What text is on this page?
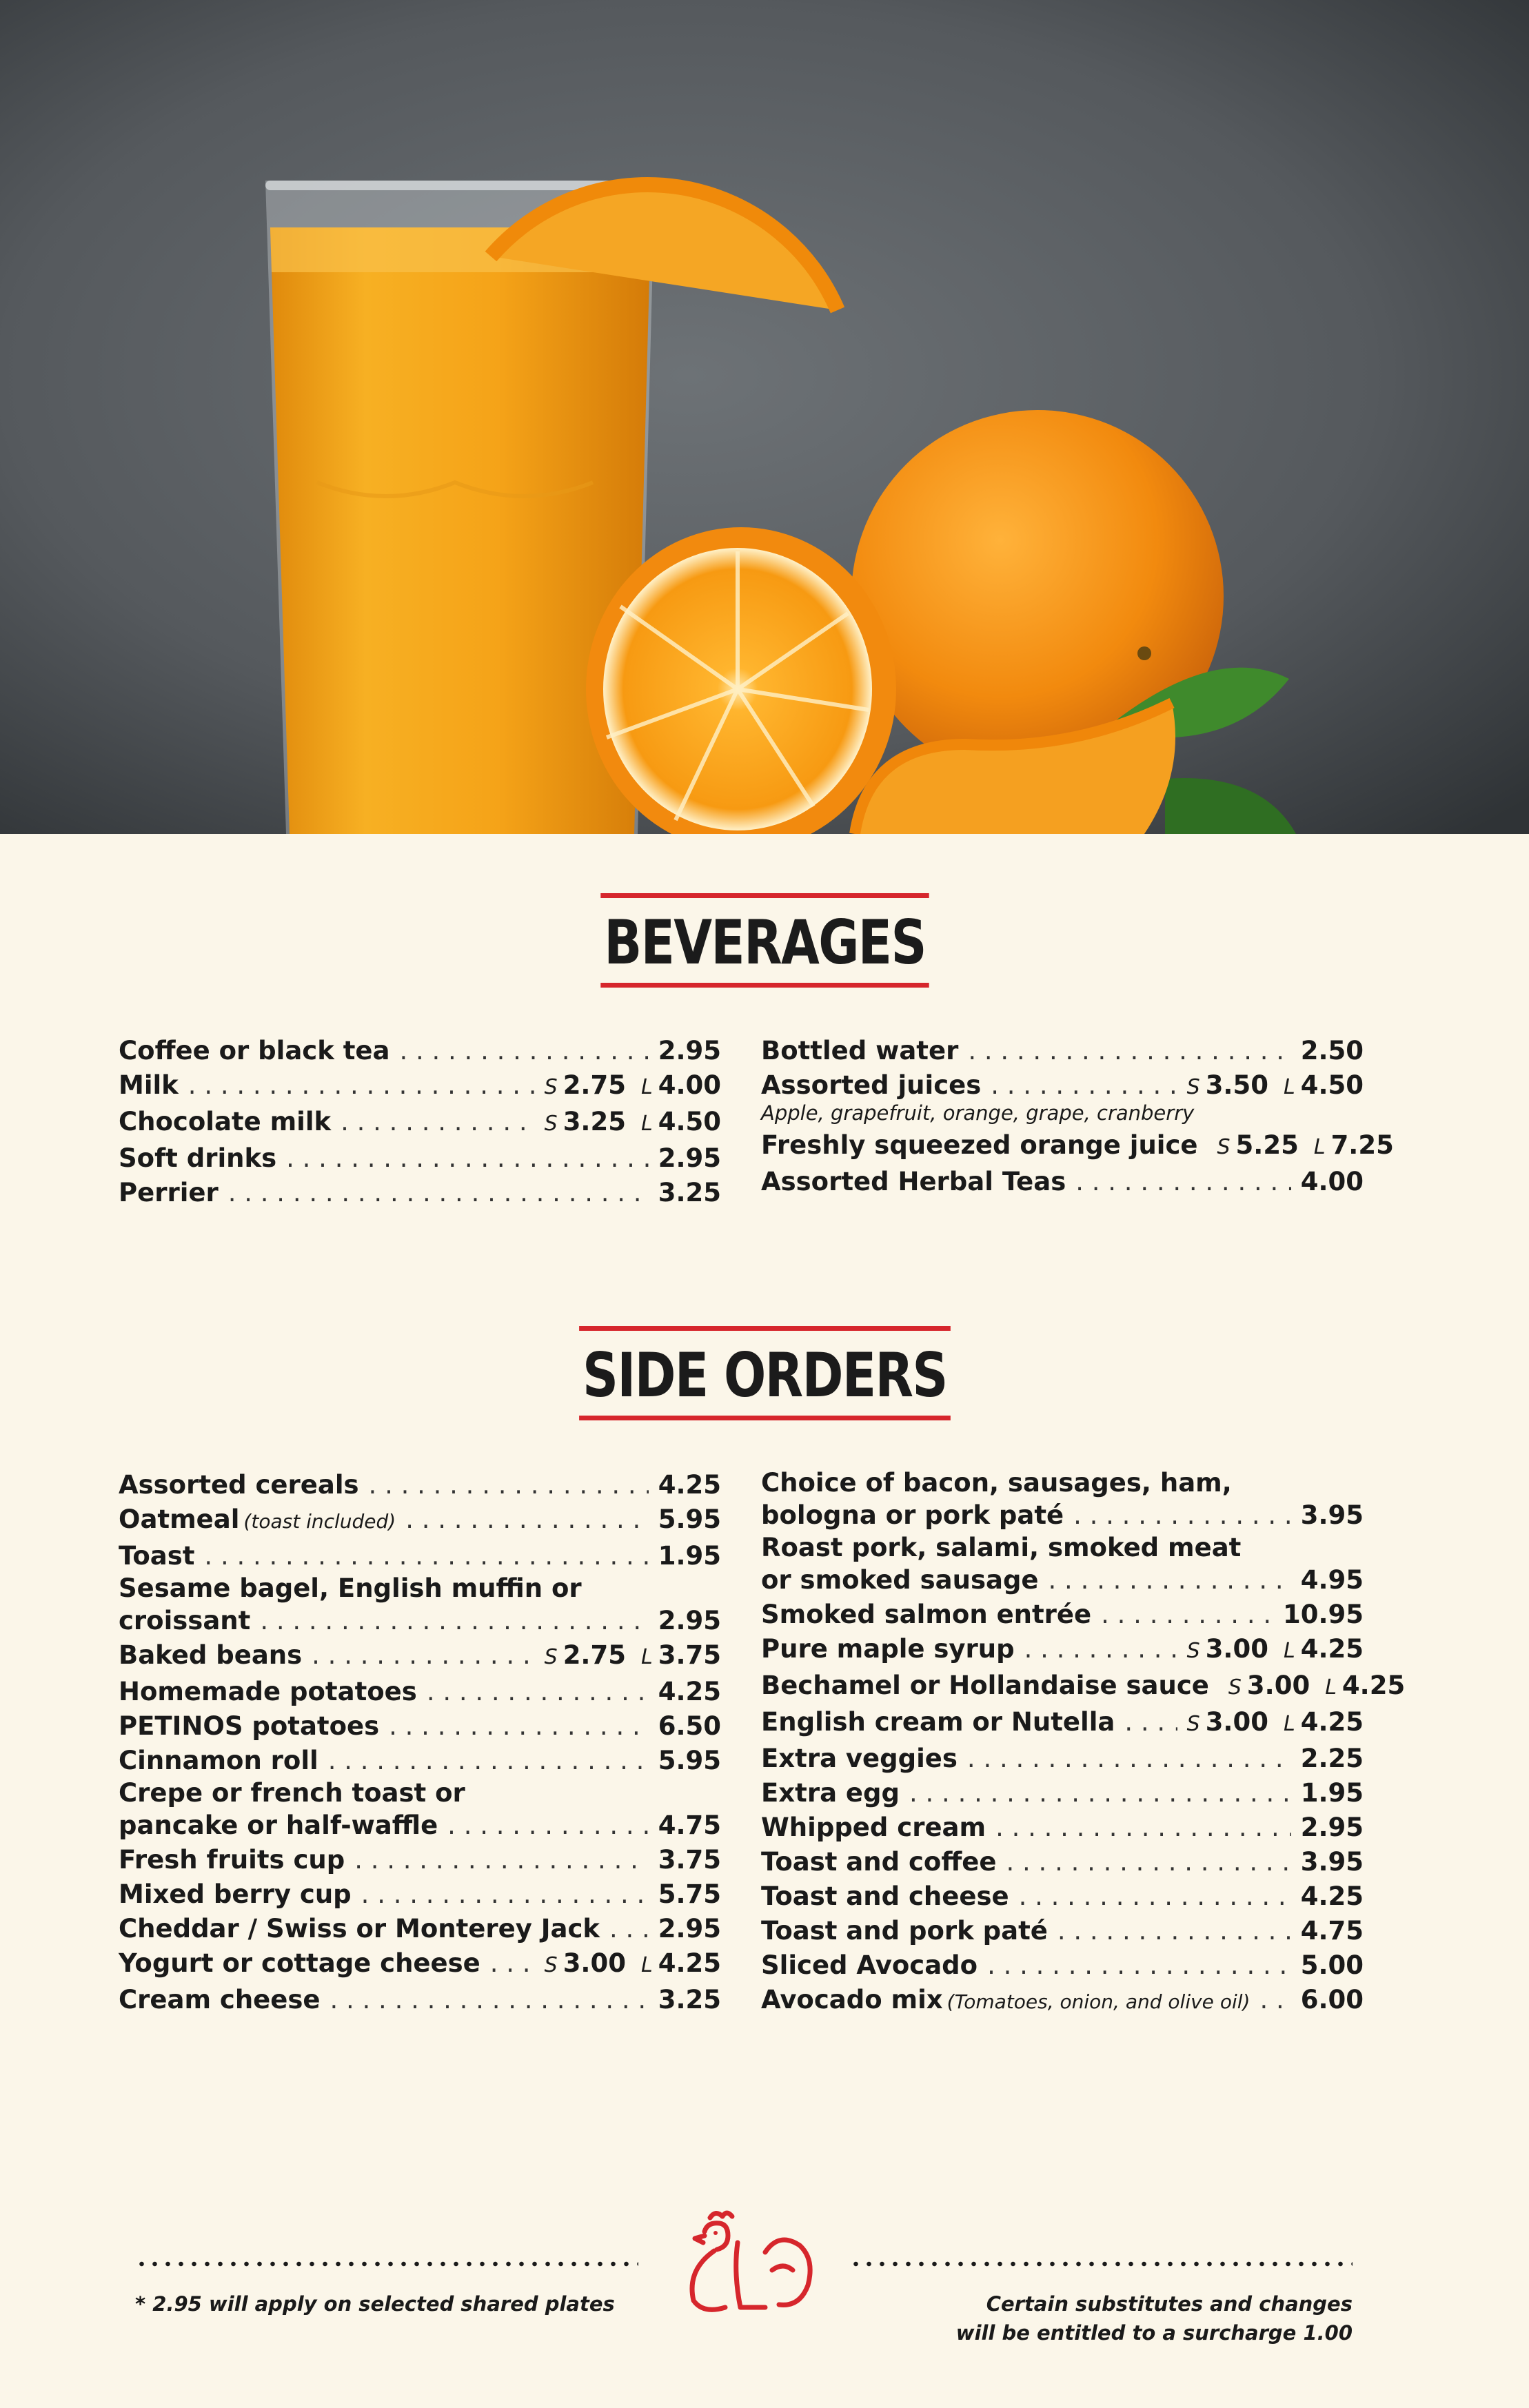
BEVERAGES
Coffee or black tea . . .	2.95
Milk . . .	S 2.75 L 4.00
Chocolate milk . . .	S 3.25 L 4.50
Soft drinks . . .	2.95
Perrier . . .	3.25
Bottled water . . .	2.50
Assorted juices . . .	S 3.50 L 4.50
Apple, grapefruit, orange, grape, cranberry
Freshly squeezed orange juice S 5.25 L 7.25
Assorted Herbal Teas . . .	4.00
SIDE ORDERS
Assorted cereals . . .	4.25
Oatmeal (toast included) . . .	5.95
Toast . . .	1.95
Sesame bagel, English muffin or
croissant . . .	2.95
Baked beans . . .	S 2.75 L 3.75
Homemade potatoes . . .	4.25
PETINOS potatoes . . .	6.50
Cinnamon roll . . .	5.95
Crepe or french toast or
pancake or half-waffle . . .	4.75
Fresh fruits cup . . .	3.75
Mixed berry cup . . .	5.75
Cheddar / Swiss or Monterey Jack . . . 2.95
Yogurt or cottage cheese . . .	S 3.00 L 4.25
Cream cheese . . .	3.25
Choice of bacon, sausages, ham,
bologna or pork paté . . .	3.95
Roast pork, salami, smoked meat
or smoked sausage . . .	4.95
Smoked salmon entrée . . .	10.95
Pure maple syrup . . .	S 3.00 L 4.25
Bechamel or Hollandaise sauce S 3.00 L 4.25
English cream or Nutella . . .	S 3.00 L 4.25
Extra veggies . . .	2.25
Extra egg . . .	1.95
Whipped cream . . .	2.95
Toast and coffee . . .	3.95
Toast and cheese . . .	4.25
Toast and pork paté . . .	4.75
Sliced Avocado . . .	5.00
Avocado mix (Tomatoes, onion, and olive oil) . . . 6.00
* 2.95 will apply on selected shared plates	Certain substitutes and changes
will be entitled to a surcharge 1.00
